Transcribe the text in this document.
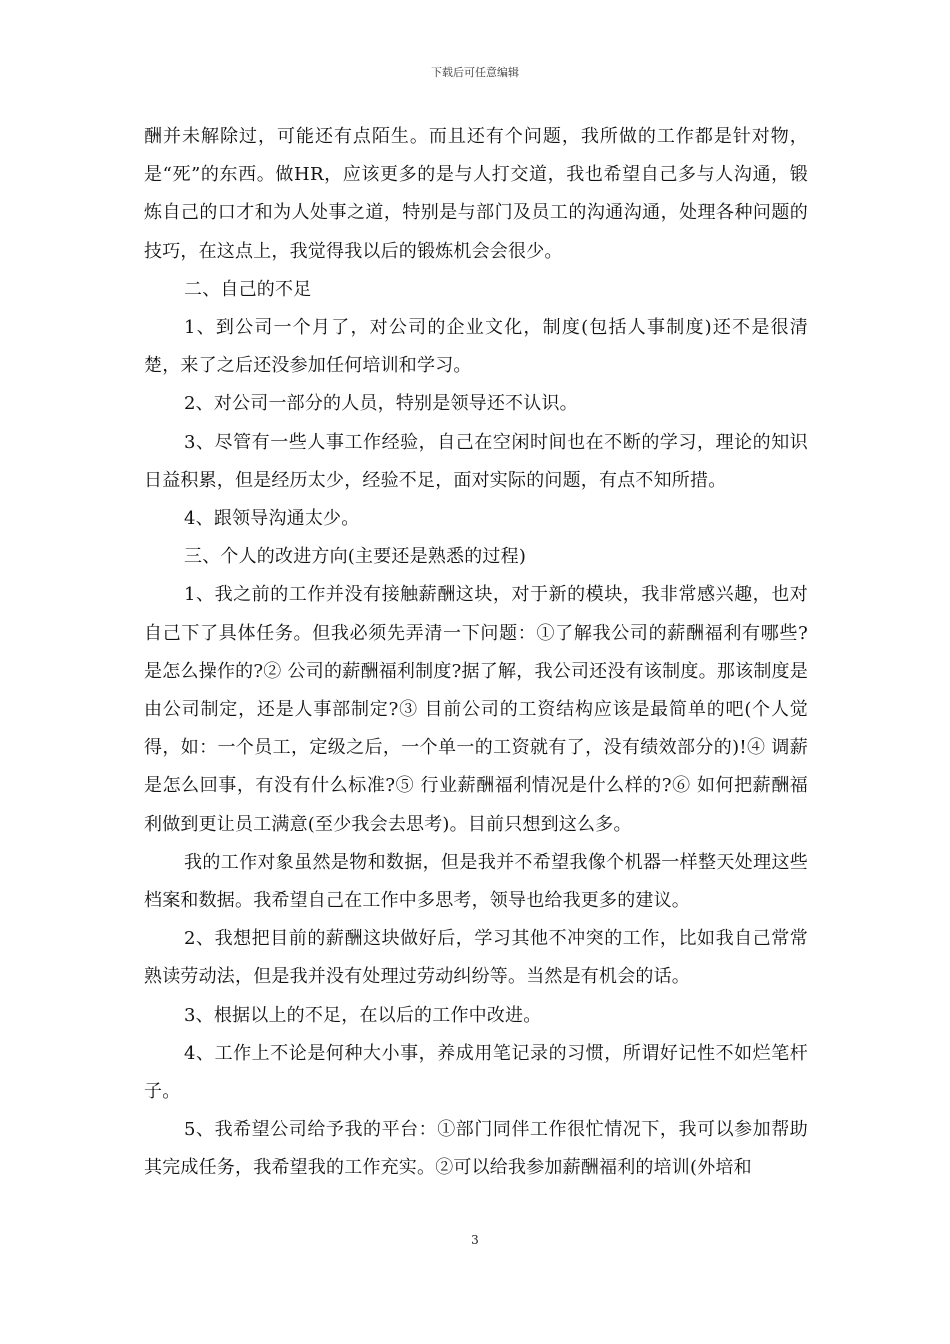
下载后可任意编辑

酬并未解除过，可能还有点陌生。而且还有个问题，我所做的工作都是针对物，是“死”的东西。做HR，应该更多的是与人打交道，我也希望自己多与人沟通，锻炼自己的口才和为人处事之道，特别是与部门及员工的沟通沟通，处理各种问题的技巧，在这点上，我觉得我以后的锻炼机会会很少。

二、自己的不足

1、到公司一个月了，对公司的企业文化，制度(包括人事制度)还不是很清楚，来了之后还没参加任何培训和学习。

2、对公司一部分的人员，特别是领导还不认识。

3、尽管有一些人事工作经验，自己在空闲时间也在不断的学习，理论的知识日益积累，但是经历太少，经验不足，面对实际的问题，有点不知所措。

4、跟领导沟通太少。

三、个人的改进方向(主要还是熟悉的过程)

1、我之前的工作并没有接触薪酬这块，对于新的模块，我非常感兴趣，也对自己下了具体任务。但我必须先弄清一下问题：①了解我公司的薪酬福利有哪些?是怎么操作的?② 公司的薪酬福利制度?据了解，我公司还没有该制度。那该制度是由公司制定，还是人事部制定?③ 目前公司的工资结构应该是最简单的吧(个人觉得，如：一个员工，定级之后，一个单一的工资就有了，没有绩效部分的)!④ 调薪是怎么回事，有没有什么标准?⑤ 行业薪酬福利情况是什么样的?⑥ 如何把薪酬福利做到更让员工满意(至少我会去思考)。目前只想到这么多。

我的工作对象虽然是物和数据，但是我并不希望我像个机器一样整天处理这些档案和数据。我希望自己在工作中多思考，领导也给我更多的建议。

2、我想把目前的薪酬这块做好后，学习其他不冲突的工作，比如我自己常常熟读劳动法，但是我并没有处理过劳动纠纷等。当然是有机会的话。

3、根据以上的不足，在以后的工作中改进。

4、工作上不论是何种大小事，养成用笔记录的习惯，所谓好记性不如烂笔杆子。

5、我希望公司给予我的平台：①部门同伴工作很忙情况下，我可以参加帮助其完成任务，我希望我的工作充实。②可以给我参加薪酬福利的培训(外培和

3
